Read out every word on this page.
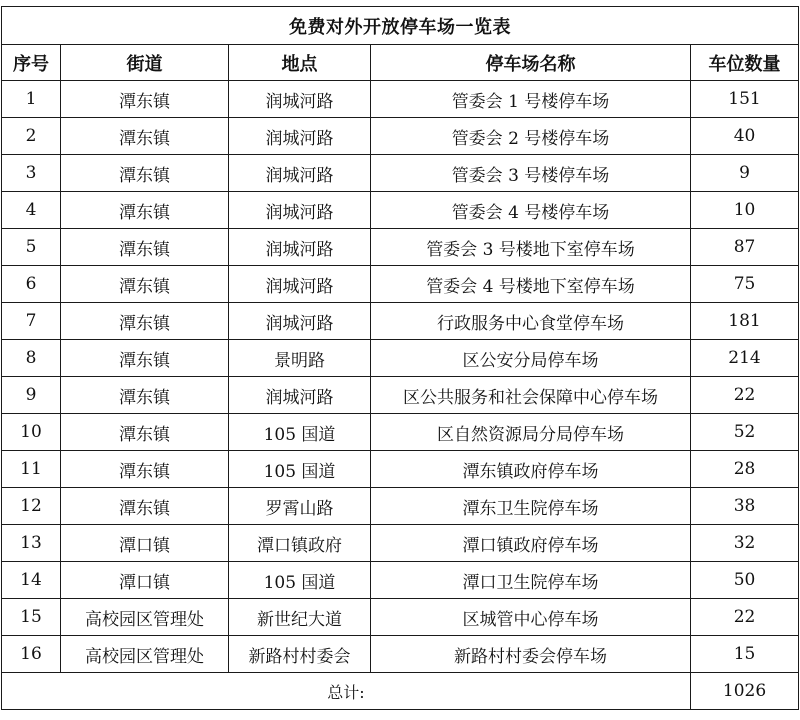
免费对外开放停车场一览表				
序号	街道	地点	停车场名称	车位数量
1	潭东镇	润城河路	管委会 1 号楼停车场	151
2	潭东镇	润城河路	管委会 2 号楼停车场	40
3	潭东镇	润城河路	管委会 3 号楼停车场	9
4	潭东镇	润城河路	管委会 4 号楼停车场	10
5	潭东镇	润城河路	管委会 3 号楼地下室停车场	87
6	潭东镇	润城河路	管委会 4 号楼地下室停车场	75
7	潭东镇	润城河路	行政服务中心食堂停车场	181
8	潭东镇	景明路	区公安分局停车场	214
9	潭东镇	润城河路	区公共服务和社会保障中心停车场	22
10	潭东镇	105 国道	区自然资源局分局停车场	52
11	潭东镇	105 国道	潭东镇政府停车场	28
12	潭东镇	罗霄山路	潭东卫生院停车场	38
13	潭口镇	潭口镇政府	潭口镇政府停车场	32
14	潭口镇	105 国道	潭口卫生院停车场	50
15	高校园区管理处	新世纪大道	区城管中心停车场	22
16	高校园区管理处	新路村村委会	新路村村委会停车场	15
总计:				1026
